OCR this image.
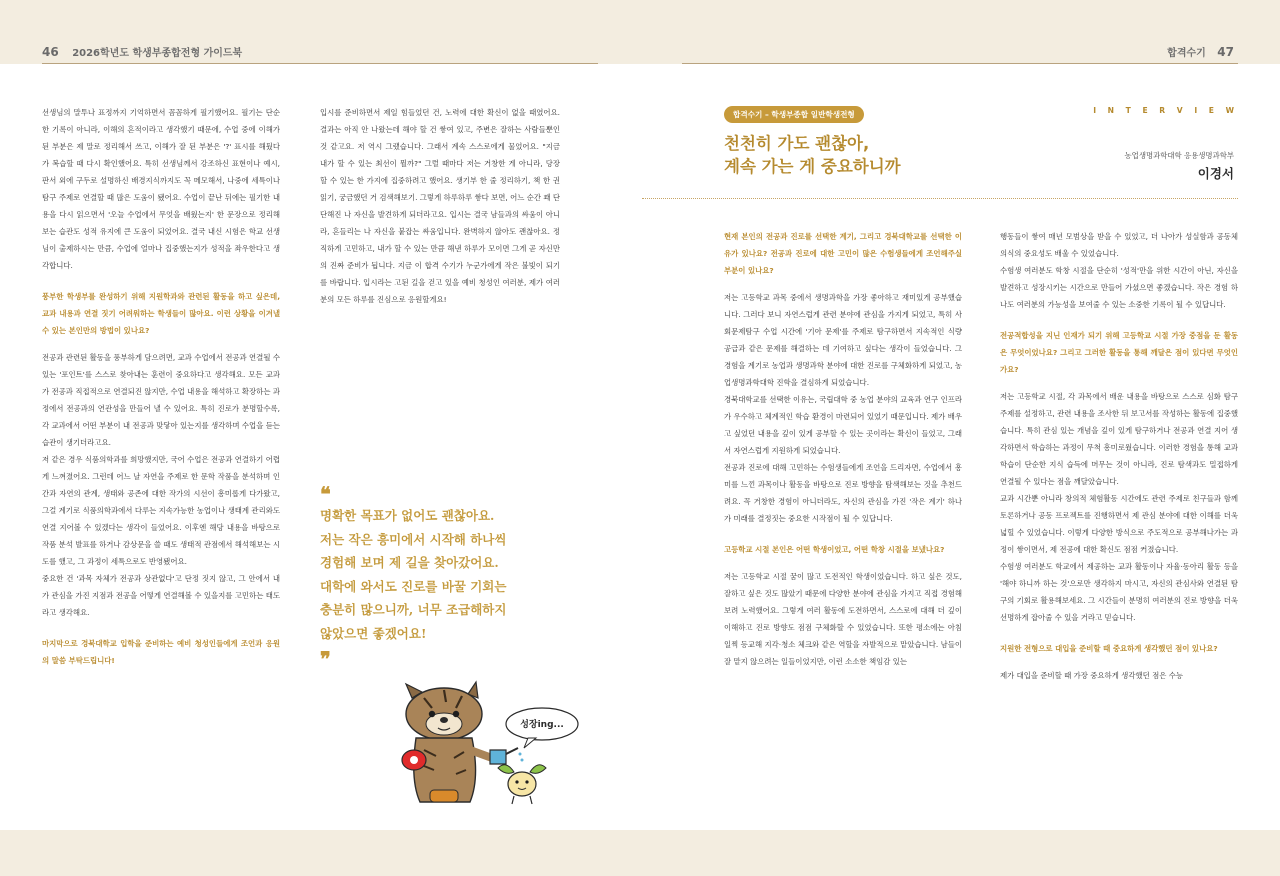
46 2026학년도 학생부종합전형 가이드북	합격수기 47

선생님의 말투나 표정까지 기억하면서 꼼꼼하게 필기했어요. 필기는 단순한 기록이 아니라, 이해의 흔적이라고 생각했기 때문에, 수업 중에 이해가 된 부분은 제 말로 정리해서 쓰고, 이해가 잘 된 부분은 '?' 표시를 해뒀다가 복습할 때 다시 확인했어요. 특히 선생님께서 강조하신 표현이나 예시, 판서 외에 구두로 설명하신 배경지식까지도 꼭 메모해서, 나중에 세특이나 탐구 주제로 연결할 때 많은 도움이 됐어요. 수업이 끝난 뒤에는 필기한 내용을 다시 읽으면서 '오늘 수업에서 무엇을 배웠는지' 한 문장으로 정리해보는 습관도 성적 유지에 큰 도움이 되었어요. 결국 내신 시험은 학교 선생님이 출제하시는 만큼, 수업에 얼마나 집중했는지가 성적을 좌우한다고 생각합니다.

풍부한 학생부를 완성하기 위해 지원학과와 관련된 활동을 하고 싶은데, 교과 내용과 연결 짓기 어려워하는 학생들이 많아요. 이런 상황을 이겨낼 수 있는 본인만의 방법이 있나요?

전공과 관련된 활동을 풍부하게 담으려면, 교과 수업에서 전공과 연결될 수 있는 '포인트'를 스스로 찾아내는 훈련이 중요하다고 생각해요. 모든 교과가 전공과 직접적으로 연결되진 않지만, 수업 내용을 해석하고 확장하는 과정에서 전공과의 연관성을 만들어 낼 수 있어요. 특히 진로가 분명할수록, 각 교과에서 어떤 부분이 내 전공과 맞닿아 있는지를 생각하며 수업을 듣는 습관이 생기더라고요.

저 같은 경우 식품의학과를 희망했지만, 국어 수업은 전공과 연결하기 어렵게 느껴졌어요. 그런데 어느 날 자연을 주제로 한 문학 작품을 분석하며 인간과 자연의 관계, 생태와 공존에 대한 작가의 시선이 흥미롭게 다가왔고, 그걸 계기로 식품의학과에서 다루는 지속가능한 농업이나 생태계 관리와도 연결 지어볼 수 있겠다는 생각이 들었어요. 이후엔 해당 내용을 바탕으로 작품 분석 발표를 하거나 감상문을 쓸 때도 생태적 관점에서 해석해보는 시도를 했고, 그 과정이 세특으로도 반영됐어요.

중요한 건 '과목 자체가 전공과 상관없다'고 단정 짓지 않고, 그 안에서 내가 관심을 가진 지점과 전공을 어떻게 연결해볼 수 있을지를 고민하는 태도라고 생각해요.

마지막으로 경북대학교 입학을 준비하는 예비 청성인들에게 조언과 응원의 말씀 부탁드립니다!

입시를 준비하면서 제일 힘들었던 건, 노력에 대한 확신이 없을 때였어요. 결과는 아직 안 나왔는데 해야 할 건 쌓여 있고, 주변은 잘하는 사람들뿐인 것 같고요. 저 역시 그랬습니다. 그래서 계속 스스로에게 물었어요. "지금 내가 할 수 있는 최선이 뭘까?" 그럴 때마다 저는 거창한 게 아니라, 당장 할 수 있는 한 가지에 집중하려고 했어요. 생기부 한 줄 정리하기, 책 한 권 읽기, 궁금했던 거 검색해보기. 그렇게 하루하루 쌓다 보면, 어느 순간 꽤 단단해진 나 자신을 발견하게 되더라고요. 입시는 결국 남들과의 싸움이 아니라, 흔들리는 나 자신을 붙잡는 싸움입니다. 완벽하지 않아도 괜찮아요. 정직하게 고민하고, 내가 할 수 있는 만큼 해낸 하루가 모이면 그게 곧 자신만의 진짜 준비가 됩니다. 지금 이 합격 수기가 누군가에게 작은 불빛이 되기를 바랍니다. 입시라는 고된 길을 걷고 있을 예비 청성인 여러분, 제가 여러분의 모든 하루를 진심으로 응원할게요!

❝
명확한 목표가 없어도 괜찮아요.
저는 작은 흥미에서 시작해 하나씩
경험해 보며 제 길을 찾아갔어요.
대학에 와서도 진로를 바꿀 기회는
충분히 많으니까, 너무 조급해하지
않았으면 좋겠어요!
❞
성장ing...
합격수기 – 학생부종합 일반학생전형
천천히 가도 괜찮아,
계속 가는 게 중요하니까
I N T E R V I E W
농업생명과학대학 응용생명과학부
이경서

현재 본인의 전공과 진로를 선택한 계기, 그리고 경북대학교를 선택한 이유가 있나요? 전공과 진로에 대한 고민이 많은 수험생들에게 조언해주실 부분이 있나요?

저는 고등학교 과목 중에서 생명과학을 가장 좋아하고 재미있게 공부했습니다. 그러다 보니 자연스럽게 관련 분야에 관심을 가지게 되었고, 특히 사회문제탐구 수업 시간에 '기아 문제'를 주제로 탐구하면서 지속적인 식량 공급과 같은 문제를 해결하는 데 기여하고 싶다는 생각이 들었습니다. 그 경험을 계기로 농업과 생명과학 분야에 대한 진로를 구체화하게 되었고, 농업생명과학대학 진학을 결심하게 되었습니다.

경북대학교를 선택한 이유는, 국립대학 중 농업 분야의 교육과 연구 인프라가 우수하고 체계적인 학습 환경이 마련되어 있었기 때문입니다. 제가 배우고 싶었던 내용을 깊이 있게 공부할 수 있는 곳이라는 확신이 들었고, 그래서 자연스럽게 지원하게 되었습니다.

전공과 진로에 대해 고민하는 수험생들에게 조언을 드리자면, 수업에서 흥미를 느낀 과목이나 활동을 바탕으로 진로 방향을 탐색해보는 것을 추천드려요. 꼭 거창한 경험이 아니더라도, 자신의 관심을 가진 '작은 계기' 하나가 미래를 결정짓는 중요한 시작점이 될 수 있답니다.

고등학교 시절 본인은 어떤 학생이었고, 어떤 학창 시절을 보냈나요?

저는 고등학교 시절 꿈이 많고 도전적인 학생이었습니다. 하고 싶은 것도, 잘하고 싶은 것도 많았기 때문에 다양한 분야에 관심을 가지고 직접 경험해보려 노력했어요. 그렇게 여러 활동에 도전하면서, 스스로에 대해 더 깊이 이해하고 진로 방향도 점점 구체화할 수 있었습니다. 또한 평소에는 아침 일찍 등교해 지각·청소 체크와 같은 역할을 자발적으로 맡았습니다. 남들이 잘 맡지 않으려는 일들이었지만, 이런 소소한 책임감 있는

행동들이 쌓여 매년 모범상을 받을 수 있었고, 더 나아가 성실함과 공동체 의식의 중요성도 배울 수 있었습니다.

수험생 여러분도 학창 시절을 단순히 '성적'만을 위한 시간이 아닌, 자신을 발견하고 성장시키는 시간으로 만들어 가셨으면 좋겠습니다. 작은 경험 하나도 여러분의 가능성을 보여줄 수 있는 소중한 기록이 될 수 있답니다.

전공적합성을 지닌 인재가 되기 위해 고등학교 시절 가장 중점을 둔 활동은 무엇이었나요? 그리고 그러한 활동을 통해 깨달은 점이 있다면 무엇인가요?

저는 고등학교 시절, 각 과목에서 배운 내용을 바탕으로 스스로 심화 탐구 주제를 설정하고, 관련 내용을 조사한 뒤 보고서를 작성하는 활동에 집중했습니다. 특히 관심 있는 개념을 깊이 있게 탐구하거나 전공과 연결 지어 생각하면서 학습하는 과정이 무척 흥미로웠습니다. 이러한 경험을 통해 교과 학습이 단순한 지식 습득에 머무는 것이 아니라, 진로 탐색과도 밀접하게 연결될 수 있다는 점을 깨달았습니다.

교과 시간뿐 아니라 창의적 체험활동 시간에도 관련 주제로 친구들과 함께 토론하거나 공동 프로젝트를 진행하면서 제 관심 분야에 대한 이해를 더욱 넓힐 수 있었습니다. 이렇게 다양한 방식으로 주도적으로 공부해나가는 과정이 쌓이면서, 제 전공에 대한 확신도 점점 커졌습니다.

수험생 여러분도 학교에서 제공하는 교과 활동이나 자율·동아리 활동 등을 '해야 하니까 하는 것'으로만 생각하지 마시고, 자신의 관심사와 연결된 탐구의 기회로 활용해보세요. 그 시간들이 분명히 여러분의 진로 방향을 더욱 선명하게 잡아줄 수 있을 거라고 믿습니다.

지원한 전형으로 대입을 준비할 때 중요하게 생각했던 점이 있나요?

제가 대입을 준비할 때 가장 중요하게 생각했던 점은 수능
